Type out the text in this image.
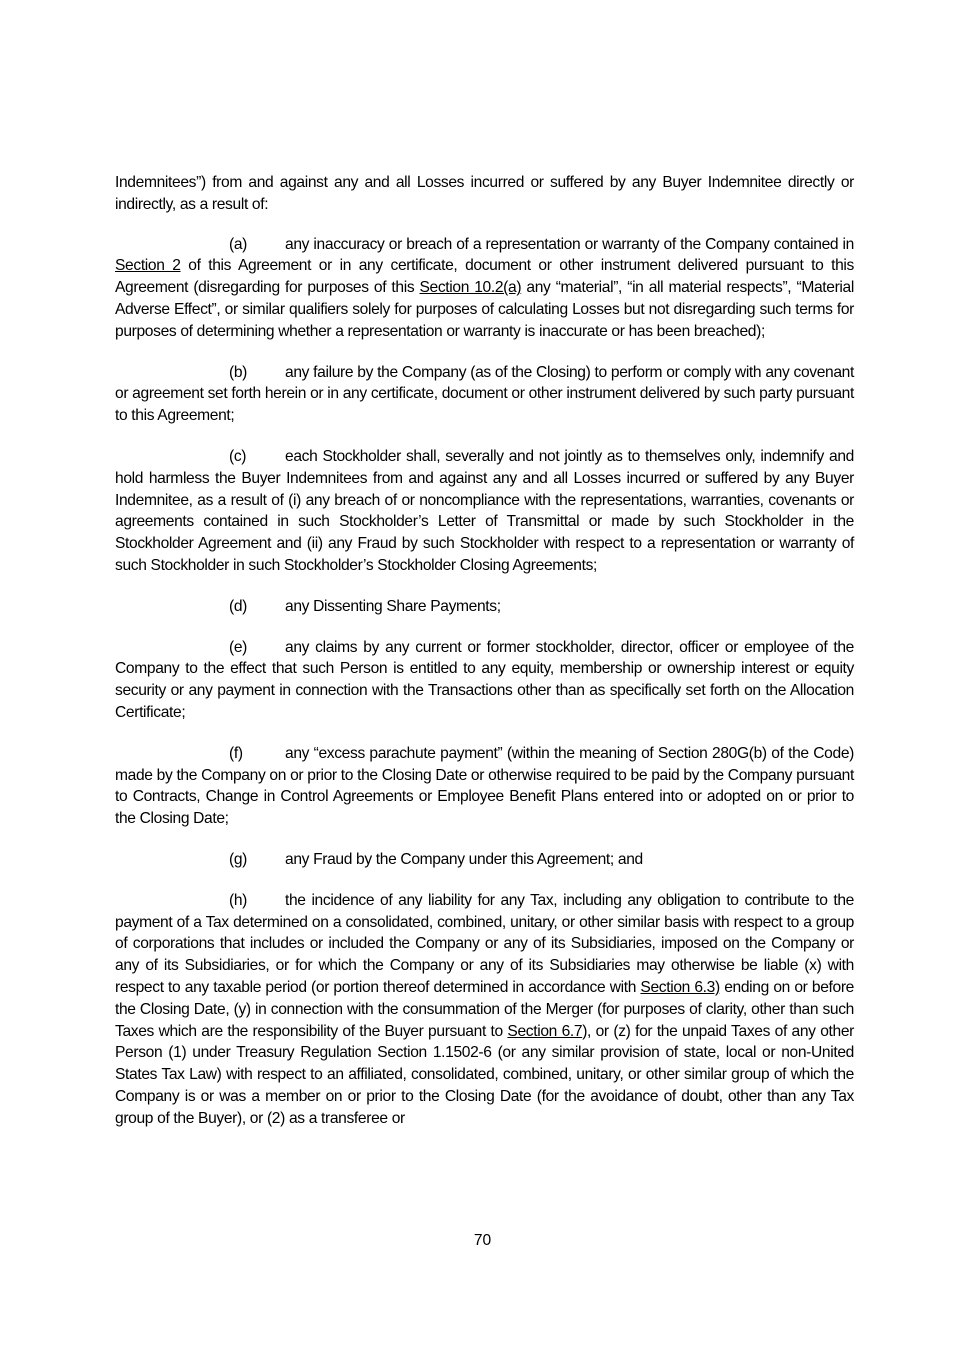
Indemnitees”) from and against any and all Losses incurred or suffered by any Buyer Indemnitee directly or indirectly, as a result of:

(a) any inaccuracy or breach of a representation or warranty of the Company contained in Section 2 of this Agreement or in any certificate, document or other instrument delivered pursuant to this Agreement (disregarding for purposes of this Section 10.2(a) any “material”, “in all material respects”, “Material Adverse Effect”, or similar qualifiers solely for purposes of calculating Losses but not disregarding such terms for purposes of determining whether a representation or warranty is inaccurate or has been breached);

(b) any failure by the Company (as of the Closing) to perform or comply with any covenant or agreement set forth herein or in any certificate, document or other instrument delivered by such party pursuant to this Agreement;

(c) each Stockholder shall, severally and not jointly as to themselves only, indemnify and hold harmless the Buyer Indemnitees from and against any and all Losses incurred or suffered by any Buyer Indemnitee, as a result of (i) any breach of or noncompliance with the representations, warranties, covenants or agreements contained in such Stockholder’s Letter of Transmittal or made by such Stockholder in the Stockholder Agreement and (ii) any Fraud by such Stockholder with respect to a representation or warranty of such Stockholder in such Stockholder’s Stockholder Closing Agreements;

(d) any Dissenting Share Payments;

(e) any claims by any current or former stockholder, director, officer or employee of the Company to the effect that such Person is entitled to any equity, membership or ownership interest or equity security or any payment in connection with the Transactions other than as specifically set forth on the Allocation Certificate;

(f)	any “excess parachute payment” (within the meaning of Section 280G(b) of the Code) made by the Company on or prior to the Closing Date or otherwise required to be paid by the Company pursuant to Contracts, Change in Control Agreements or Employee Benefit Plans entered into or adopted on or prior to the Closing Date;

(g) any Fraud by the Company under this Agreement; and

(h) the incidence of any liability for any Tax, including any obligation to contribute to the payment of a Tax determined on a consolidated, combined, unitary, or other similar basis with respect to a group of corporations that includes or included the Company or any of its Subsidiaries, imposed on the Company or any of its Subsidiaries, or for which the Company or any of its Subsidiaries may otherwise be liable (x) with respect to any taxable period (or portion thereof determined in accordance with Section 6.3) ending on or before the Closing Date, (y) in connection with the consummation of the Merger (for purposes of clarity, other than such Taxes which are the responsibility of the Buyer pursuant to Section 6.7), or (z) for the unpaid Taxes of any other Person (1) under Treasury Regulation Section 1.1502-6 (or any similar provision of state, local or non-United States Tax Law) with respect to an affiliated, consolidated, combined, unitary, or other similar group of which the Company is or was a member on or prior to the Closing Date (for the avoidance of doubt, other than any Tax group of the Buyer), or (2) as a transferee or

70
